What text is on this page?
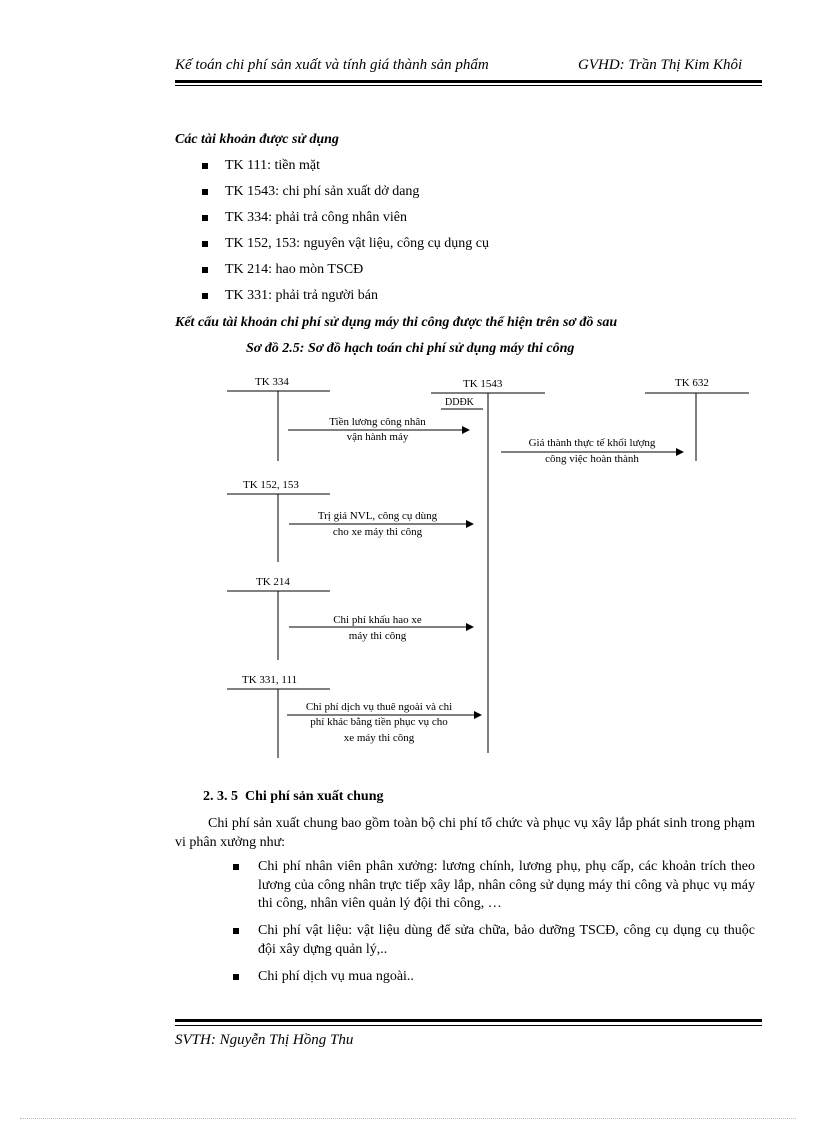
Kế toán chi phí sản xuất và tính giá thành sản phẩm	GVHD: Trần Thị Kim Khôi
Các tài khoản được sử dụng
TK 111: tiền mặt
TK 1543: chi phí sản xuất dở dang
TK 334: phải trả công nhân viên
TK 152, 153: nguyên vật liệu, công cụ dụng cụ
TK 214: hao mòn TSCĐ
TK 331: phải trả người bán
Kết cấu tài khoản chi phí sử dụng máy thi công được thể hiện trên sơ đồ sau
Sơ đồ 2.5: Sơ đồ hạch toán chi phí sử dụng máy thi công
TK 334	TK 1543	TK 632
DDĐK
TK 152, 153
TK 214
TK 331, 111
Tiền lương công nhân
vận hành máy	Giá thành thực tế khối lượng
công việc hoàn thành
Trị giá NVL, công cụ dùng
cho xe máy thi công
Chi phí khấu hao xe
máy thi công
Chi phí dịch vụ thuê ngoài và chi
phí khác bằng tiền phục vụ cho
xe máy thi công
2. 3. 5 Chi phí sản xuất chung
Chi phí sản xuất chung bao gồm toàn bộ chi phí tổ chức và phục vụ xây lắp phát sinh trong phạm vi phân xưởng như:
Chi phí nhân viên phân xưởng: lương chính, lương phụ, phụ cấp, các khoản trích theo lương của công nhân trực tiếp xây lắp, nhân công sử dụng máy thi công và phục vụ máy thi công, nhân viên quản lý đội thi công, …
Chi phí vật liệu: vật liệu dùng để sửa chữa, bảo dưỡng TSCĐ, công cụ dụng cụ thuộc đội xây dựng quản lý,..
Chi phí dịch vụ mua ngoài..
SVTH: Nguyễn Thị Hồng Thu
